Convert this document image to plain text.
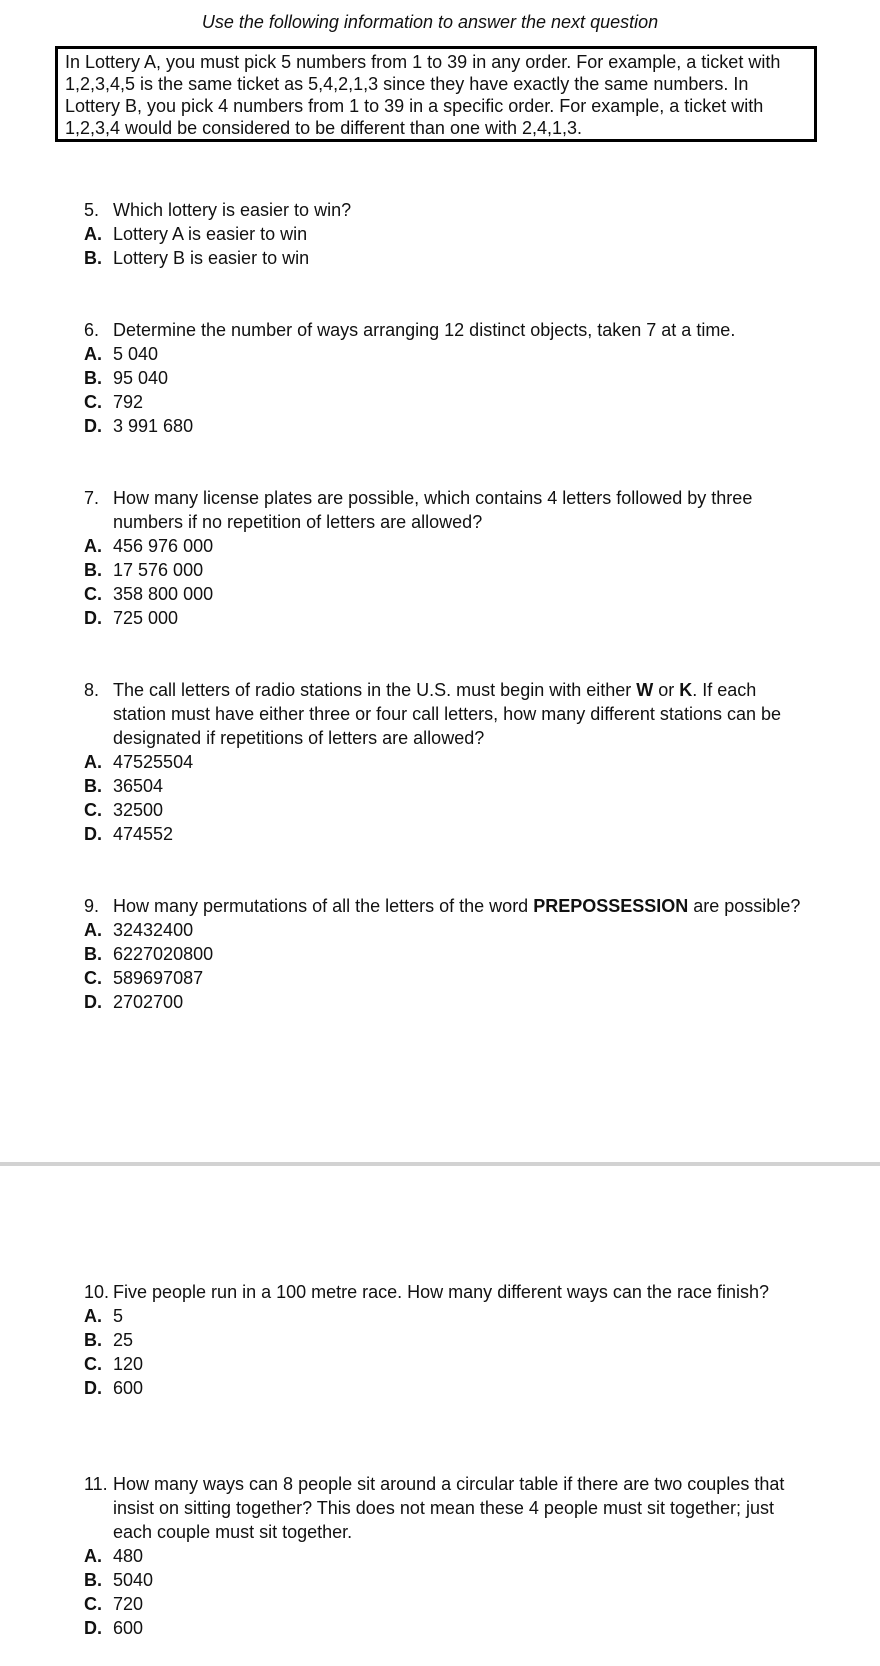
Use the following information to answer the next question
In Lottery A, you must pick 5 numbers from 1 to 39 in any order. For example, a ticket with 1,2,3,4,5 is the same ticket as 5,4,2,1,3 since they have exactly the same numbers. In Lottery B, you pick 4 numbers from 1 to 39 in a specific order. For example, a ticket with 1,2,3,4 would be considered to be different than one with 2,4,1,3.
5. Which lottery is easier to win?
A. Lottery A is easier to win
B. Lottery B is easier to win
6. Determine the number of ways arranging 12 distinct objects, taken 7 at a time.
A. 5 040
B. 95 040
C. 792
D. 3 991 680
7. How many license plates are possible, which contains 4 letters followed by three numbers if no repetition of letters are allowed?
A. 456 976 000
B. 17 576 000
C. 358 800 000
D. 725 000
8. The call letters of radio stations in the U.S. must begin with either W or K. If each station must have either three or four call letters, how many different stations can be designated if repetitions of letters are allowed?
A. 47525504
B. 36504
C. 32500
D. 474552
9. How many permutations of all the letters of the word PREPOSSESSION are possible?
A. 32432400
B. 6227020800
C. 589697087
D. 2702700
10. Five people run in a 100 metre race. How many different ways can the race finish?
A. 5
B. 25
C. 120
D. 600
11. How many ways can 8 people sit around a circular table if there are two couples that insist on sitting together? This does not mean these 4 people must sit together; just each couple must sit together.
A. 480
B. 5040
C. 720
D. 600
